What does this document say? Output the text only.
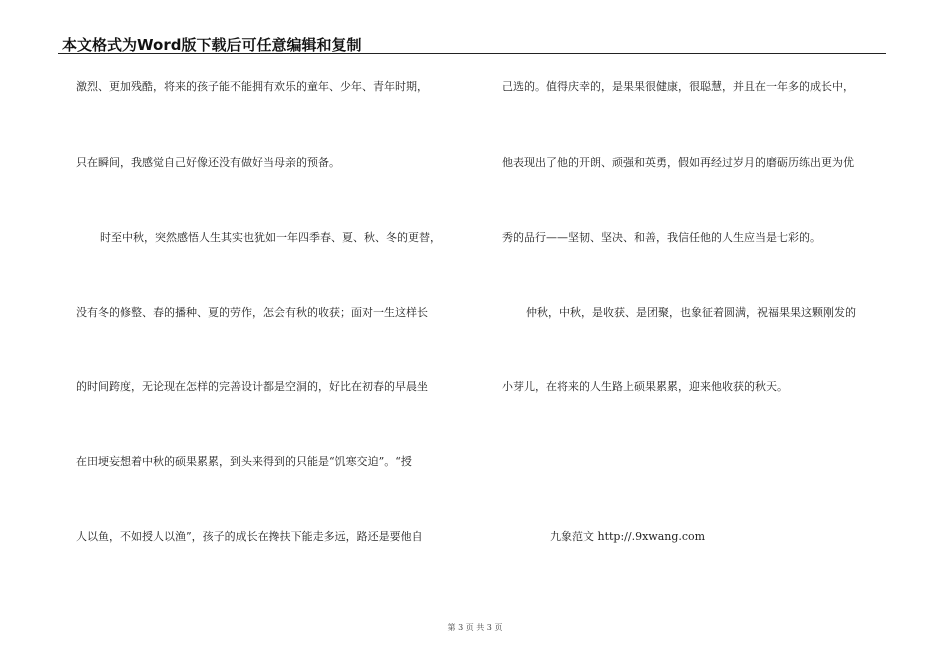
本文格式为Word版下载后可任意编辑和复制
激烈、更加残酷，将来的孩子能不能拥有欢乐的童年、少年、青年时期，
只在瞬间，我感觉自己好像还没有做好当母亲的预备。
时至中秋，突然感悟人生其实也犹如一年四季春、夏、秋、冬的更替，
没有冬的修整、春的播种、夏的劳作，怎会有秋的收获；面对一生这样长
的时间跨度，无论现在怎样的完善设计都是空洞的，好比在初春的早晨坐
在田埂妄想着中秋的硕果累累，到头来得到的只能是“饥寒交迫”。“授
人以鱼，不如授人以渔”，孩子的成长在搀扶下能走多远，路还是要他自
己选的。值得庆幸的，是果果很健康，很聪慧，并且在一年多的成长中，
他表现出了他的开朗、顽强和英勇，假如再经过岁月的磨砺历练出更为优
秀的品行——坚韧、坚决、和善，我信任他的人生应当是七彩的。
仲秋，中秋，是收获、是团聚，也象征着圆满，祝福果果这颗刚发的
小芽儿，在将来的人生路上硕果累累，迎来他收获的秋天。
九象范文 http://.9xwang.com
第 3 页 共 3 页
